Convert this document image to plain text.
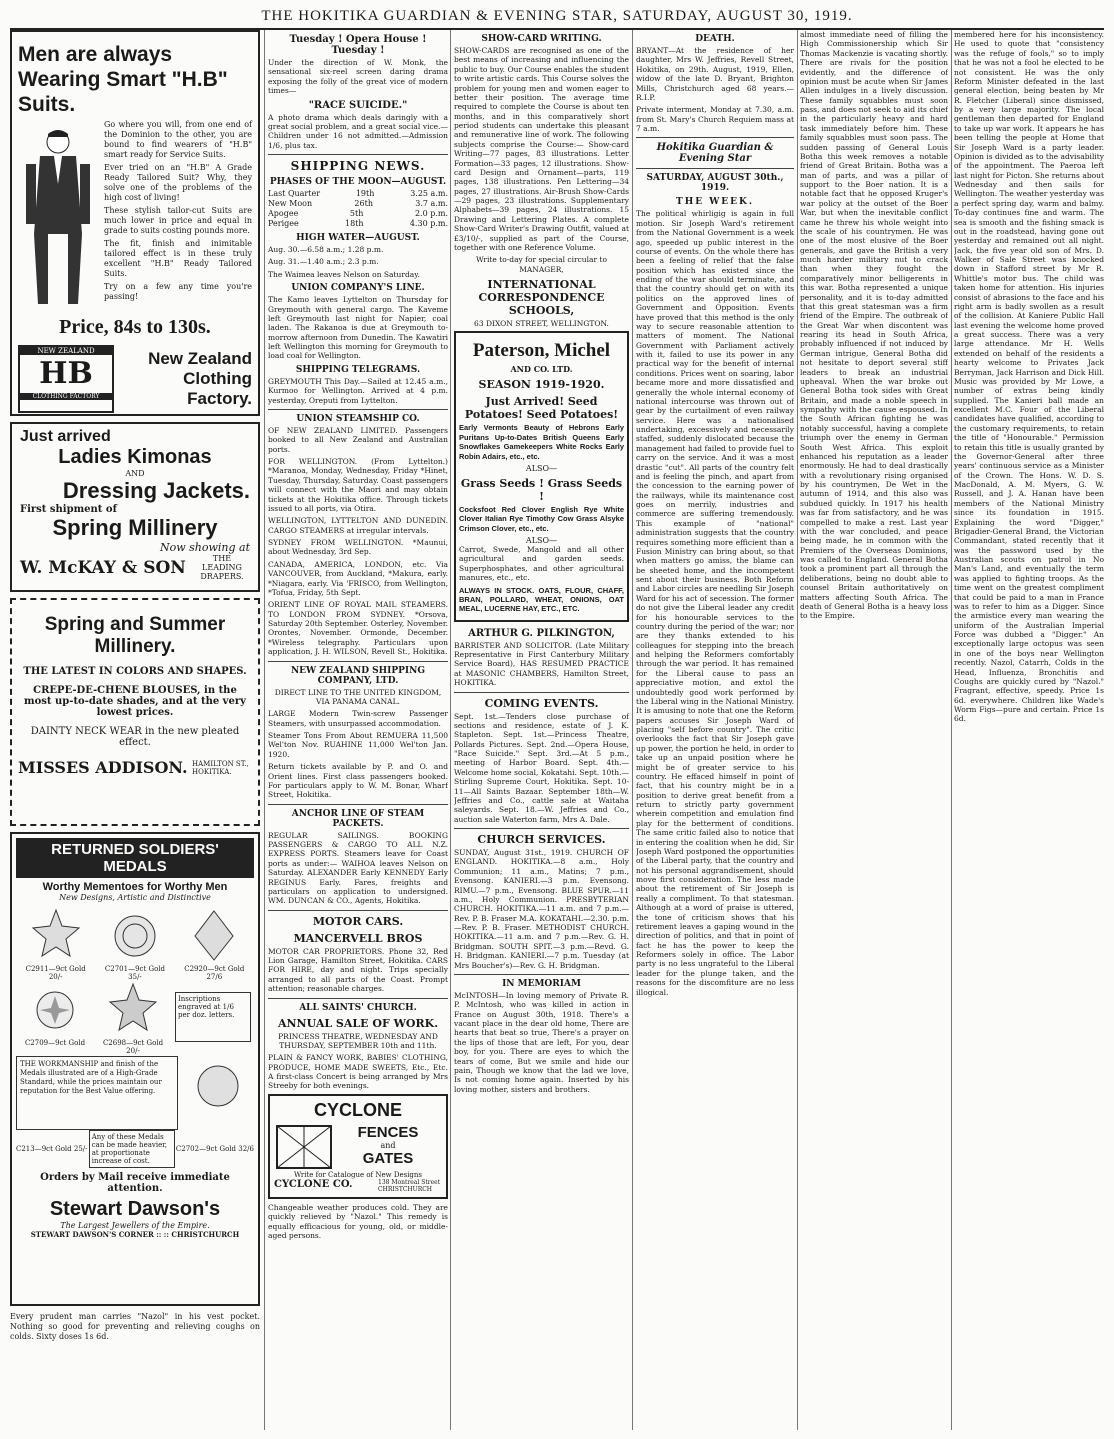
THE HOKITIKA GUARDIAN & EVENING STAR, SATURDAY, AUGUST 30, 1919.
Men are always Wearing Smart "H.B" Suits.

Go where you will, from one end of the Dominion to the other, you are bound to find wearers of "H.B" smart ready for Service Suits.

Ever tried on an "H.B" A Grade Ready Tailored Suit? Why, they solve one of the problems of the high cost of living!

These stylish tailor-cut Suits are much lower in price and equal in grade to suits costing pounds more.

The fit, finish and inimitable tailored effect is in these truly excellent "H.B" Ready Tailored Suits.

Try on a few any time you're passing!

Price, 84s to 130s.
NEW ZEALAND
HB
CLOTHING FACTORY
New Zealand Clothing Factory.
Just arrived
Ladies Kimonas
AND
Dressing Jackets.
First shipment of
Spring Millinery
Now showing at
W. McKAY & SON	THE LEADING DRAPERS.
Spring and Summer Millinery.
THE LATEST IN COLORS AND SHAPES.
CREPE-DE-CHENE BLOUSES, in the most up-to-date shades, and at the very lowest prices.
DAINTY NECK WEAR in the new pleated effect.
MISSES ADDISON. HAMILTON ST., HOKITIKA.
RETURNED SOLDIERS' MEDALS
Worthy Mementoes for Worthy Men
New Designs, Artistic and Distinctive
C2911—9ct Gold 20/-
C2701—9ct Gold 35/-
C2920—9ct Gold 27/6
C2709—9ct Gold	C2698—9ct Gold 20/-
Inscriptions engraved at 1/6 per doz. letters.
THE WORKMANSHIP and finish of the Medals illustrated are of a High-Grade Standard, while the prices maintain our reputation for the Best Value offering.
C213—9ct Gold 25/-
Any of these Medals can be made heavier, at proportionate increase of cost.
C2702—9ct Gold 32/6
Orders by Mail receive immediate attention.
Stewart Dawson's
The Largest Jewellers of the Empire.
STEWART DAWSON'S CORNER :: :: CHRISTCHURCH

Every prudent man carries "Nazol" in his vest pocket. Nothing so good for preventing and relieving coughs on colds. Sixty doses 1s 6d.

Tuesday ! Opera House ! Tuesday !

Under the direction of W. Monk, the sensational six-reel screen daring drama exposing the folly of the great vice of modern times—

"RACE SUICIDE."

A photo drama which deals daringly with a great social problem, and a great social vice.—Children under 16 not admitted.—Admission 1/6, plus tax.

SHIPPING NEWS.
PHASES OF THE MOON—AUGUST.
Last Quarter	19th	3.25 a.m.
New Moon	26th	3.7 a.m.
Apogee	5th	2.0 p.m.
Perigee	18th	4.30 p.m.
HIGH WATER—AUGUST.

Aug. 30.—6.58 a.m.; 1.28 p.m.

Aug. 31.—1.40 a.m.; 2.3 p.m.

The Waimea leaves Nelson on Saturday.

UNION COMPANY'S LINE.

The Kamo leaves Lyttelton on Thursday for Greymouth with general cargo. The Kaveme left Greymouth last night for Napier, coal laden. The Rakanoa is due at Greymouth to-morrow afternoon from Dunedin. The Kawatiri left Wellington this morning for Greymouth to load coal for Wellington.

SHIPPING TELEGRAMS.

GREYMOUTH This Day.—Sailed at 12.45 a.m., Kurmoo for Wellington. Arrived at 4 p.m. yesterday, Oreputi from Lyttelton.

UNION STEAMSHIP CO.

OF NEW ZEALAND LIMITED. Passengers booked to all New Zealand and Australian ports.

FOR WELLINGTON. (From Lyttelton.) *Maranoa, Monday, Wednesday, Friday *Hinet, Tuesday, Thursday, Saturday. Coast passengers will connect with the Maori and may obtain tickets at the Hokitika office. Through tickets issued to all ports, via Otira.

WELLINGTON, LYTTELTON AND DUNEDIN. CARGO STEAMERS at irregular intervals.

SYDNEY FROM WELLINGTON. *Maunui, about Wednesday, 3rd Sep.

CANADA, AMERICA, LONDON, etc. Via VANCOUVER, from Auckland, *Makura, early. *Niagara, early. Via 'FRISCO, from Wellington, *Tofua, Friday, 5th Sept.

ORIENT LINE OF ROYAL MAIL STEAMERS. TO LONDON FROM SYDNEY. *Orsova, Saturday 20th September. Osterley, November. Orontes, November. Ormonde, December. *Wireless telegraphy. Particulars upon application, J. H. WILSON, Revell St., Hokitika.

NEW ZEALAND SHIPPING COMPANY, LTD.

DIRECT LINE TO THE UNITED KINGDOM, VIA PANAMA CANAL.

LARGE Modern Twin-screw Passenger Steamers, with unsurpassed accommodation.

Steamer Tons From About REMUERA 11,500 Wel'ton Nov. RUAHINE 11,000 Wel'ton Jan. 1920.

Return tickets available by P. and O. and Orient lines. First class passengers booked. For particulars apply to W. M. Bonar, Wharf Street, Hokitika.

ANCHOR LINE OF STEAM PACKETS.

REGULAR SAILINGS. BOOKING PASSENGERS & CARGO TO ALL N.Z. EXPRESS PORTS. Steamers leave for Coast ports as under:— WAIHOA leaves Nelson on Saturday. ALEXANDER Early KENNEDY Early REGINUS Early. Fares, freights and particulars on application to undersigned. WM. DUNCAN & CO., Agents, Hokitika.

MOTOR CARS.
MANCERVELL BROS

MOTOR CAR PROPRIETORS. Phone 32, Red Lion Garage, Hamilton Street, Hokitika. CARS FOR HIRE, day and night. Trips specially arranged to all parts of the Coast. Prompt attention; reasonable charges.

ALL SAINTS' CHURCH.
ANNUAL SALE OF WORK.

PRINCESS THEATRE, WEDNESDAY AND THURSDAY, SEPTEMBER 10th and 11th.

PLAIN & FANCY WORK, BABIES' CLOTHING, PRODUCE, HOME MADE SWEETS, Etc., Etc. A first-class Concert is being arranged by Mrs Streeby for both evenings.

CYCLONE
FENCES
and
GATES
Write for Catalogue of New Designs
CYCLONE CO.	138 Montreal Street CHRISTCHURCH

Changeable weather produces cold. They are quickly relieved by "Nazol." This remedy is equally efficacious for young, old, or middle-aged persons.

SHOW-CARD WRITING.

SHOW-CARDS are recognised as one of the best means of increasing and influencing the public to buy. Our Course enables the student to write artistic cards. This Course solves the problem for young men and women eager to better their position. The average time required to complete the Course is about ten months, and in this comparatively short period students can undertake this pleasant and remunerative line of work. The following subjects comprise the Course:— Show-card Writing—77 pages, 83 illustrations. Letter Formation—33 pages, 12 illustrations. Show-card Design and Ornament—parts, 119 pages, 138 illustrations. Pen Lettering—34 pages, 27 illustrations. Air-Brush Show-Cards—29 pages, 23 illustrations. Supplementary Alphabets—39 pages, 24 illustrations. 15 Drawing and Lettering Plates. A complete Show-Card Writer's Drawing Outfit, valued at £3/10/-, supplied as part of the Course, together with one Reference Volume.

Write to-day for special circular to MANAGER,

INTERNATIONAL CORRESPONDENCE SCHOOLS,

63 DIXON STREET, WELLINGTON.

Paterson, Michel
AND CO. LTD.
SEASON 1919-1920.
Just Arrived! Seed Potatoes! Seed Potatoes!

Early Vermonts Beauty of Hebrons Early Puritans Up-to-Dates British Queens Early Snowflakes Gamekeepers White Rocks Early Robin Adairs, etc., etc.

ALSO—
Grass Seeds ! Grass Seeds !

Cocksfoot Red Clover English Rye White Clover Italian Rye Timothy Cow Grass Alsyke Crimson Clover, etc., etc.

ALSO—

Carrot, Swede, Mangold and all other agricultural and garden seeds. Superphosphates, and other agricultural manures, etc., etc.

ALWAYS IN STOCK. OATS, FLOUR, CHAFF, BRAN, POLLARD, WHEAT, ONIONS, OAT MEAL, LUCERNE HAY, ETC., ETC.

ARTHUR G. PILKINGTON,

BARRISTER AND SOLICITOR. (Late Military Representative in First Canterbury Military Service Board), HAS RESUMED PRACTICE at MASONIC CHAMBERS, Hamilton Street, HOKITIKA.

COMING EVENTS.

Sept. 1st.—Tenders close purchase of sections and residence, estate of J. K. Stapleton. Sept. 1st.—Princess Theatre, Pollards Pictures. Sept. 2nd.—Opera House, "Race Suicide." Sept. 3rd.—At 5 p.m., meeting of Harbor Board. Sept. 4th.—Welcome home social, Kokatahi. Sept. 10th.—Stirling Supreme Court, Hokitika. Sept. 10-11—All Saints Bazaar. September 18th—W. Jeffries and Co., cattle sale at Waitaha saleyards. Sept. 18.—W. Jeffries and Co., auction sale Waterton farm, Mrs A. Dale.

CHURCH SERVICES.

SUNDAY, August 31st., 1919. CHURCH OF ENGLAND. HOKITIKA.—8 a.m., Holy Communion; 11 a.m., Matins; 7 p.m., Evensong. KANIERI.—3 p.m. Evensong. RIMU.—7 p.m., Evensong. BLUE SPUR.—11 a.m., Holy Communion. PRESBYTERIAN CHURCH. HOKITIKA.—11 a.m. and 7 p.m.—Rev. P. B. Fraser M.A. KOKATAHI.—2.30. p.m.—Rev. P. B. Fraser. METHODIST CHURCH. HOKITIKA.—11 a.m. and 7 p.m.—Rev. G. H. Bridgman. SOUTH SPIT.—3 p.m.—Revd. G. H. Bridgman. KANIERI.—7 p.m. Tuesday (at Mrs Boucher's)—Rev. G. H. Bridgman.

IN MEMORIAM

McINTOSH—In loving memory of Private R. P. McIntosh, who was killed in action in France on August 30th, 1918. There's a vacant place in the dear old home, There are hearts that beat so true, There's a prayer on the lips of those that are left, For you, dear boy, for you. There are eyes to which the tears of come, But we smile and hide our pain, Though we know that the lad we love, Is not coming home again. Inserted by his loving mother, sisters and brothers.

DEATH.

BRYANT—At the residence of her daughter, Mrs W. Jeffries, Revell Street, Hokitika, on 29th. August, 1919, Ellen, widow of the late D. Bryant, Brighton Mills, Christchurch aged 68 years.—R.I.P.

Private interment, Monday at 7.30, a.m. from St. Mary's Church Requiem mass at 7 a.m.

Hokitika Guardian & Evening Star
SATURDAY, AUGUST 30th., 1919.
THE WEEK.

The political whirligig is again in full motion. Sir Joseph Ward's retirement from the National Government is a week ago, speeded up public interest in the course of events. On the whole there has been a feeling of relief that the false position which has existed since the ending of the war should terminate, and that the country should get on with its politics on the approved lines of Government and Opposition. Events have proved that this method is the only way to secure reasonable attention to matters of moment. The National Government with Parliament actively with it, failed to use its power in any practical way for the benefit of internal conditions. Prices went on soaring, labor became more and more dissatisfied and generally the whole internal economy of national intercourse was thrown out of gear by the curtailment of even railway service. Here was a nationalised undertaking, excessively and necessarily staffed, suddenly dislocated because the management had failed to provide fuel to carry on the service. And it was a most drastic "cut". All parts of the country felt and is feeling the pinch, and apart from the concession to the earning power of the railways, while its maintenance cost goes on merrily, industries and commerce are suffering tremendously. This example of "national" administration suggests that the country requires something more efficient than a Fusion Ministry can bring about, so that when matters go amiss, the blame can be sheeted home, and the incompetent sent about their business. Both Reform and Labor circles are needling Sir Joseph Ward for his act of secession. The former do not give the Liberal leader any credit for his honourable services to the country during the period of the war; nor are they thanks extended to his colleagues for stepping into the breach and helping the Reformers comfortably through the war period. It has remained for the Liberal cause to pass an appreciative motion, and extol the undoubtedly good work performed by the Liberal wing in the National Ministry. It is amusing to note that one the Reform papers accuses Sir Joseph Ward of placing "self before country". The critic overlooks the fact that Sir Joseph gave up power, the portion he held, in order to take up an unpaid position where he might be of greater service to his country. He effaced himself in point of fact, that his country might be in a position to derive great benefit from a return to strictly party government wherein competition and emulation find play for the betterment of conditions. The same critic failed also to notice that in entering the coalition when he did, Sir Joseph Ward postponed the opportunities of the Liberal party, that the country and not his personal aggrandisement, should move first consideration. The less made about the retirement of Sir Joseph is really a compliment. To that statesman. Although at a word of praise is uttered, the tone of criticism shows that his retirement leaves a gaping wound in the direction of politics, and that in point of fact he has the power to keep the Reformers solely in office. The Labor party is no less ungrateful to the Liberal leader for the plunge taken, and the reasons for the discomfiture are no less illogical.

almost immediate need of filling the High Commissionership which Sir Thomas Mackenzie is vacating shortly. There are rivals for the position evidently, and the difference of opinion must be acute when Sir James Allen indulges in a lively discussion. These family squabbles must soon pass, and does not seek to aid its chief in the particularly heavy and hard task immediately before him. These family squabbles must soon pass. The sudden passing of General Louis Botha this week removes a notable friend of Great Britain. Botha was a man of parts, and was a pillar of support to the Boer nation. It is a notable fact that he opposed Kruger's war policy at the outset of the Boer War, but when the inevitable conflict came he threw his whole weight into the scale of his countrymen. He was one of the most elusive of the Boer generals, and gave the British a very much harder military nut to crack than when they fought the comparatively minor belligerents in this war. Botha represented a unique personality, and it is to-day admitted that this great statesman was a firm friend of the Empire. The outbreak of the Great War when discontent was rearing its head in South Africa, probably influenced if not induced by German intrigue, General Botha did not hesitate to deport several stiff leaders to break an industrial upheaval. When the war broke out General Botha took sides with Great Britain, and made a noble speech in sympathy with the cause espoused. In the South African fighting he was notably successful, having a complete triumph over the enemy in German South West Africa. This exploit enhanced his reputation as a leader enormously. He had to deal drastically with a revolutionary rising organised by his countrymen, De Wet in the autumn of 1914, and this also was subdued quickly. In 1917 his health was far from satisfactory, and he was compelled to make a rest. Last year with the war concluded, and peace being made, he in common with the Premiers of the Overseas Dominions, was called to England. General Botha took a prominent part all through the deliberations, being no doubt able to counsel Britain authoritatively on matters affecting South Africa. The death of General Botha is a heavy loss to the Empire.

membered here for his inconsistency. He used to quote that "consistency was the refuge of fools," so to imply that he was not a fool he elected to be not consistent. He was the only Reform Minister defeated in the last general election, being beaten by Mr R. Fletcher (Liberal) since dismissed, by a very large majority. The local gentleman then departed for England to take up war work. It appears he has been telling the people at Home that Sir Joseph Ward is a party leader. Opinion is divided as to the advisability of the appointment. The Paeroa left last night for Picton. She returns about Wednesday and then sails for Wellington. The weather yesterday was a perfect spring day, warm and balmy. To-day continues fine and warm. The sea is smooth and the fishing smack is out in the roadstead, having gone out yesterday and remained out all night. Jack, the five year old son of Mrs. D. Walker of Sale Street was knocked down in Stafford street by Mr R. Whittle's motor bus. The child was taken home for attention. His injuries consist of abrasions to the face and his right arm is badly swollen as a result of the collision. At Kaniere Public Hall last evening the welcome home proved a great success. There was a very large attendance. Mr H. Wells extended on behalf of the residents a hearty welcome to Privates Jack Berryman, Jack Harrison and Dick Hill. Music was provided by Mr Lowe, a number of extras being kindly supplied. The Kanieri ball made an excellent M.C. Four of the Liberal candidates have qualified, according to the customary requirements, to retain the title of "Honourable." Permission to retain this title is usually granted by the Governor-General after three years' continuous service as a Minister of the Crown. The Hons. W. D. S. MacDonald, A. M. Myers, G. W. Russell, and J. A. Hanan have been members of the National Ministry since its foundation in 1915. Explaining the word "Digger," Brigadier-General Brand, the Victorian Commandant, stated recently that it was the password used by the Australian scouts on patrol in No Man's Land, and eventually the term was applied to fighting troops. As the time went on the greatest compliment that could be paid to a man in France was to refer to him as a Digger. Since the armistice every man wearing the uniform of the Australian Imperial Force was dubbed a "Digger." An exceptionally large octopus was seen in one of the boys near Wellington recently. Nazol, Catarrh, Colds in the Head, Influenza, Bronchitis and Coughs are quickly cured by "Nazol." Fragrant, effective, speedy. Price 1s 6d. everywhere. Children like Wade's Worm Figs—pure and certain. Price 1s 6d.
